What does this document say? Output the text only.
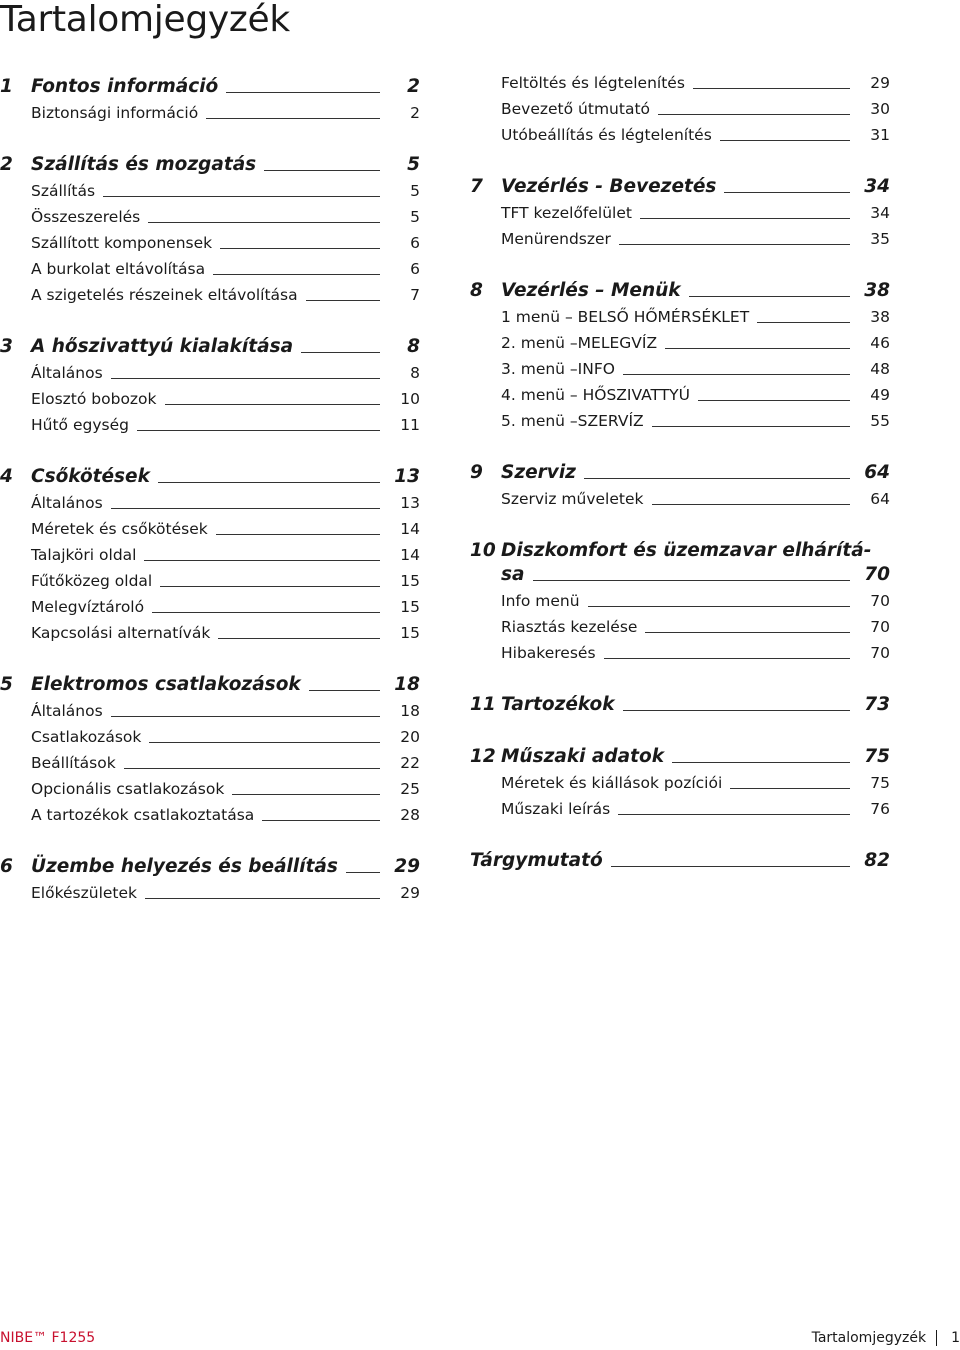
Tartalomjegyzék
1 Fontos információ	2
Biztonsági információ	2
2 Szállítás és mozgatás	5
Szállítás	5
Összeszerelés	5
Szállított komponensek	6
A burkolat eltávolítása	6
A szigetelés részeinek eltávolítása	7
3 A hőszivattyú kialakítása	8
Általános	8
Elosztó bobozok	10
Hűtő egység	11
4 Csőkötések	13
Általános	13
Méretek és csőkötések	14
Talajköri oldal	14
Fűtőközeg oldal	15
Melegvíztároló	15
Kapcsolási alternatívák	15
5 Elektromos csatlakozások	18
Általános	18
Csatlakozások	20
Beállítások	22
Opcionális csatlakozások	25
A tartozékok csatlakoztatása	28
6 Üzembe helyezés és beállítás	29
Előkészületek	29
Feltöltés és légtelenítés	29
Bevezető útmutató	30
Utóbeállítás és légtelenítés	31
7 Vezérlés - Bevezetés	34
TFT kezelőfelület	34
Menürendszer	35
8 Vezérlés – Menük	38
1 menü – BELSŐ HŐMÉRSÉKLET	38
2. menü –MELEGVÍZ	46
3. menü –INFO	48
4. menü – HŐSZIVATTYÚ	49
5. menü –SZERVÍZ	55
9 Szerviz	64
Szerviz műveletek	64
10 Diszkomfort és üzemzavar elhárítá-
sa	70
Info menü	70
Riasztás kezelése	70
Hibakeresés	70
11 Tartozékok	73
12 Műszaki adatok	75
Méretek és kiállások pozíciói	75
Műszaki leírás	76
Tárgymutató	82
NIBE™ F1255	Tartalomjegyzék 1
